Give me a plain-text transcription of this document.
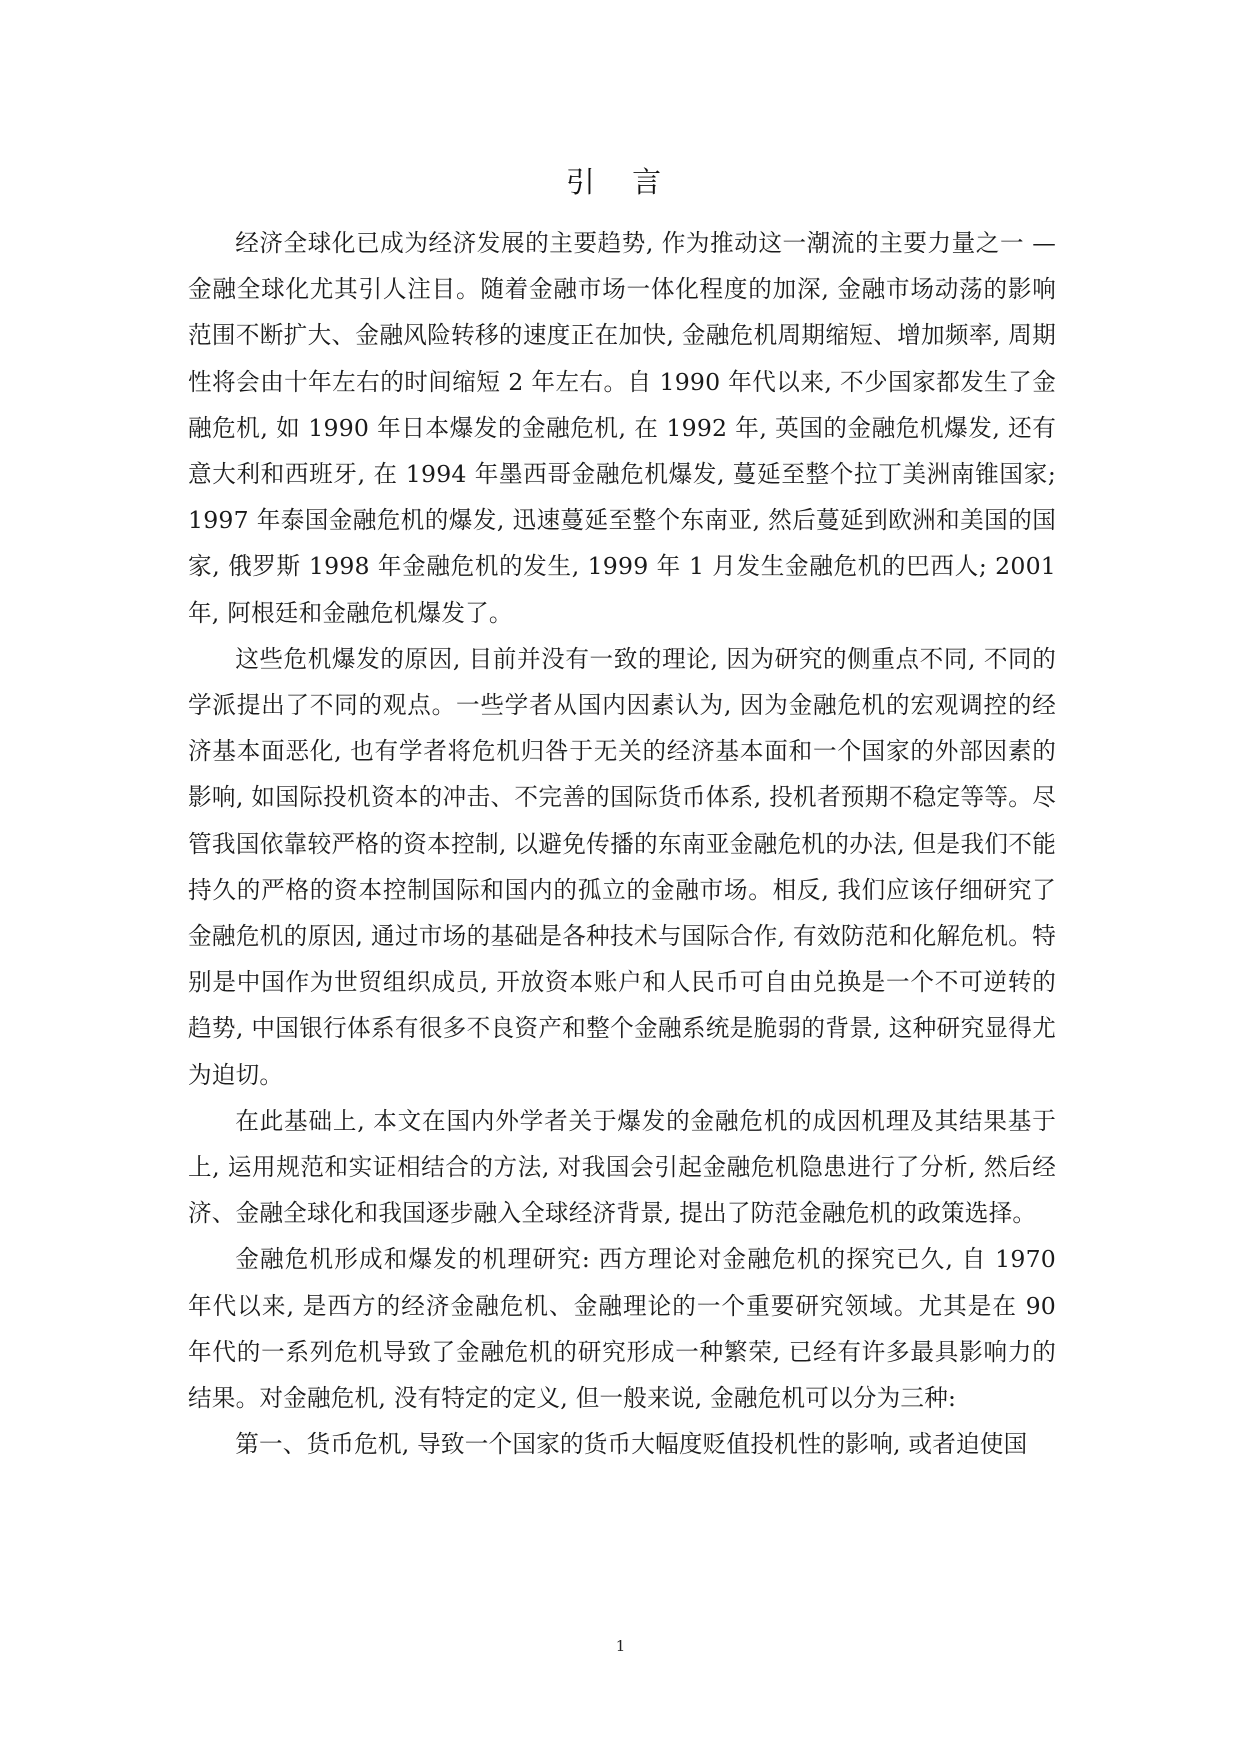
引 言

经济全球化已成为经济发展的主要趋势, 作为推动这一潮流的主要力量之一 —金融全球化尤其引人注目。随着金融市场一体化程度的加深, 金融市场动荡的影响范围不断扩大、金融风险转移的速度正在加快, 金融危机周期缩短、增加频率, 周期性将会由十年左右的时间缩短 2 年左右。自 1990 年代以来, 不少国家都发生了金融危机, 如 1990 年日本爆发的金融危机, 在 1992 年, 英国的金融危机爆发, 还有意大利和西班牙, 在 1994 年墨西哥金融危机爆发, 蔓延至整个拉丁美洲南锥国家; 1997 年泰国金融危机的爆发, 迅速蔓延至整个东南亚, 然后蔓延到欧洲和美国的国家, 俄罗斯 1998 年金融危机的发生, 1999 年 1 月发生金融危机的巴西人; 2001 年, 阿根廷和金融危机爆发了。

这些危机爆发的原因, 目前并没有一致的理论, 因为研究的侧重点不同, 不同的学派提出了不同的观点。一些学者从国内因素认为, 因为金融危机的宏观调控的经济基本面恶化, 也有学者将危机归咎于无关的经济基本面和一个国家的外部因素的影响, 如国际投机资本的冲击、不完善的国际货币体系, 投机者预期不稳定等等。尽管我国依靠较严格的资本控制, 以避免传播的东南亚金融危机的办法, 但是我们不能持久的严格的资本控制国际和国内的孤立的金融市场。相反, 我们应该仔细研究了金融危机的原因, 通过市场的基础是各种技术与国际合作, 有效防范和化解危机。特别是中国作为世贸组织成员, 开放资本账户和人民币可自由兑换是一个不可逆转的趋势, 中国银行体系有很多不良资产和整个金融系统是脆弱的背景, 这种研究显得尤为迫切。

在此基础上, 本文在国内外学者关于爆发的金融危机的成因机理及其结果基于上, 运用规范和实证相结合的方法, 对我国会引起金融危机隐患进行了分析, 然后经济、金融全球化和我国逐步融入全球经济背景, 提出了防范金融危机的政策选择。

金融危机形成和爆发的机理研究: 西方理论对金融危机的探究已久, 自 1970 年代以来, 是西方的经济金融危机、金融理论的一个重要研究领域。尤其是在 90 年代的一系列危机导致了金融危机的研究形成一种繁荣, 已经有许多最具影响力的结果。对金融危机, 没有特定的定义, 但一般来说, 金融危机可以分为三种:

第一、货币危机, 导致一个国家的货币大幅度贬值投机性的影响, 或者迫使国

1
